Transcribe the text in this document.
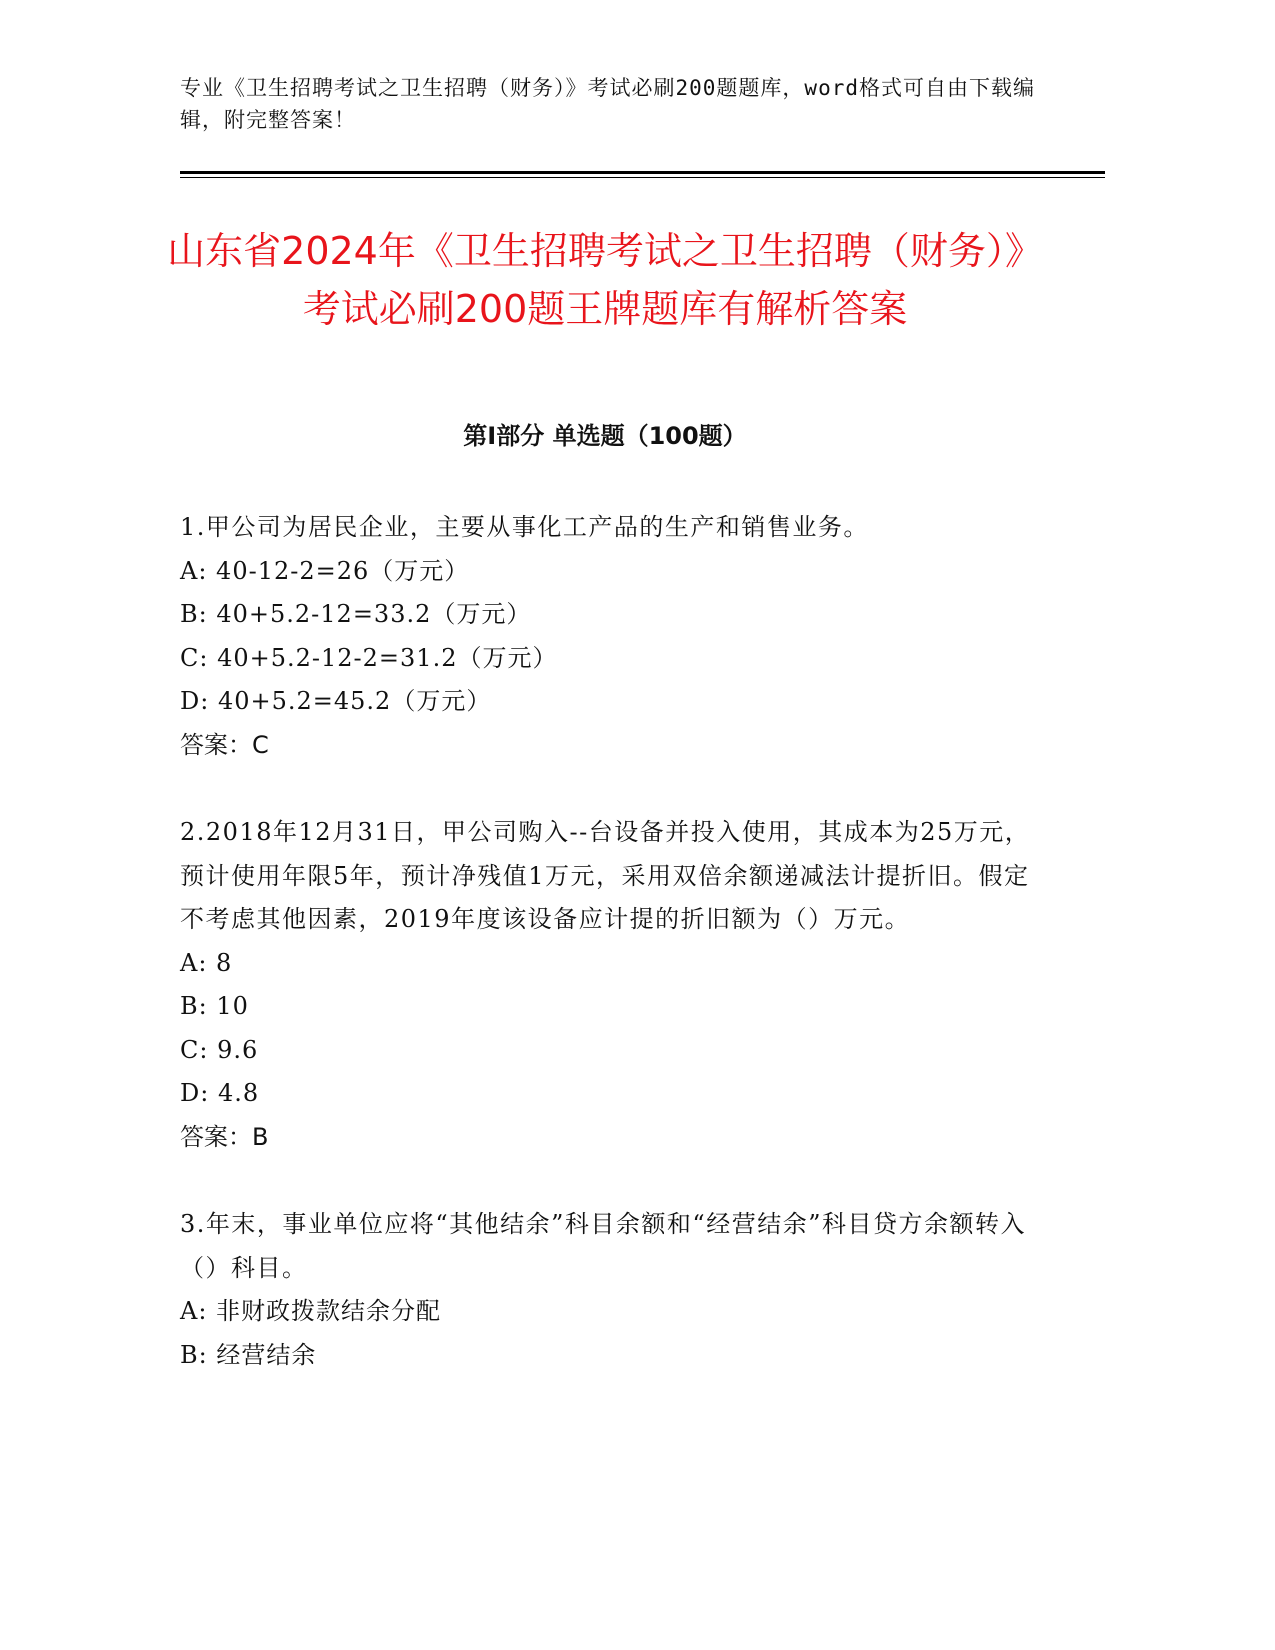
专业《卫生招聘考试之卫生招聘（财务）》考试必刷200题题库，word格式可自由下载编辑，附完整答案！
山东省2024年《卫生招聘考试之卫生招聘（财务）》考试必刷200题王牌题库有解析答案
第I部分 单选题（100题）

1.甲公司为居民企业，主要从事化工产品的生产和销售业务。

A: 40-12-2=26（万元）

B: 40+5.2-12=33.2（万元）

C: 40+5.2-12-2=31.2（万元）

D: 40+5.2=45.2（万元）

答案：C

2.2018年12月31日，甲公司购入--台设备并投入使用，其成本为25万元，预计使用年限5年，预计净残值1万元，采用双倍余额递减法计提折旧。假定不考虑其他因素，2019年度该设备应计提的折旧额为（）万元。

A: 8

B: 10

C: 9.6

D: 4.8

答案：B

3.年末，事业单位应将“其他结余”科目余额和“经营结余”科目贷方余额转入（）科目。

A: 非财政拨款结余分配

B: 经营结余
